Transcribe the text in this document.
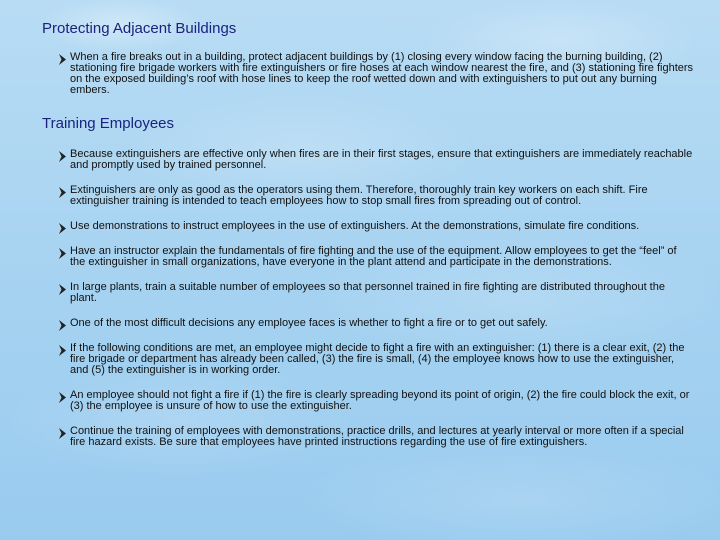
Protecting Adjacent Buildings
When a fire breaks out in a building, protect adjacent buildings by (1) closing every window facing the burning building, (2) stationing fire brigade workers with fire extinguishers or fire hoses at each window nearest the fire, and (3) stationing fire fighters on the exposed building’s roof with hose lines to keep the roof wetted down and with extinguishers to put out any burning embers.
Training Employees
Because extinguishers are effective only when fires are in their first stages, ensure that extinguishers are immediately reachable and promptly used by trained personnel.
Extinguishers are only as good as the operators using them. Therefore, thoroughly train key workers on each shift. Fire extinguisher training is intended to teach employees how to stop small fires from spreading out of control.
Use demonstrations to instruct employees in the use of extinguishers. At the demonstrations, simulate fire conditions.
Have an instructor explain the fundamentals of fire fighting and the use of the equipment. Allow employees to get the “feel” of the extinguisher in small organizations, have everyone in the plant attend and participate in the demonstrations.
In large plants, train a suitable number of employees so that personnel trained in fire fighting are distributed throughout the plant.
One of the most difficult decisions any employee faces is whether to fight a fire or to get out safely.
If the following conditions are met, an employee might decide to fight a fire with an extinguisher: (1) there is a clear exit, (2) the fire brigade or department has already been called, (3) the fire is small, (4) the employee knows how to use the extinguisher, and (5) the extinguisher is in working order.
An employee should not fight a fire if (1) the fire is clearly spreading beyond its point of origin, (2) the fire could block the exit, or (3) the employee is unsure of how to use the extinguisher.
Continue the training of employees with demonstrations, practice drills, and lectures at yearly interval or more often if a special fire hazard exists. Be sure that employees have printed instructions regarding the use of fire extinguishers.
